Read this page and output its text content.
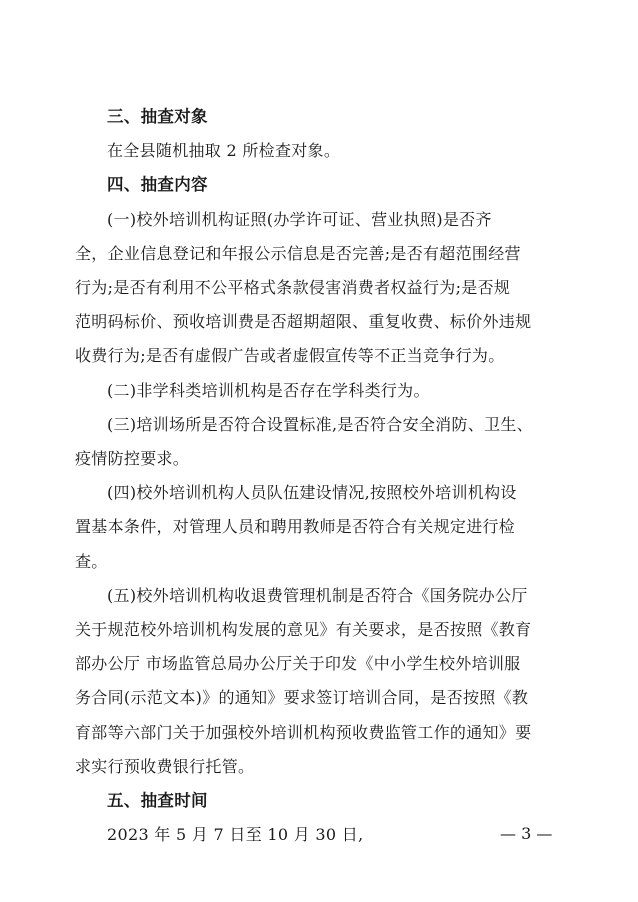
三、抽查对象
在全县随机抽取 2 所检查对象。
四、抽查内容
(一)校外培训机构证照(办学许可证、营业执照)是否齐
全，企业信息登记和年报公示信息是否完善;是否有超范围经营
行为;是否有利用不公平格式条款侵害消费者权益行为;是否规
范明码标价、预收培训费是否超期超限、重复收费、标价外违规
收费行为;是否有虚假广告或者虚假宣传等不正当竞争行为。
(二)非学科类培训机构是否存在学科类行为。
(三)培训场所是否符合设置标准,是否符合安全消防、卫生、
疫情防控要求。
(四)校外培训机构人员队伍建设情况,按照校外培训机构设
置基本条件，对管理人员和聘用教师是否符合有关规定进行检
查。
(五)校外培训机构收退费管理机制是否符合《国务院办公厅
关于规范校外培训机构发展的意见》有关要求，是否按照《教育
部办公厅 市场监管总局办公厅关于印发《中小学生校外培训服
务合同(示范文本)》的通知》要求签订培训合同，是否按照《教
育部等六部门关于加强校外培训机构预收费监管工作的通知》要
求实行预收费银行托管。
— 3 —
五、抽查时间
2023 年 5 月 7 日至 10 月 30 日,
